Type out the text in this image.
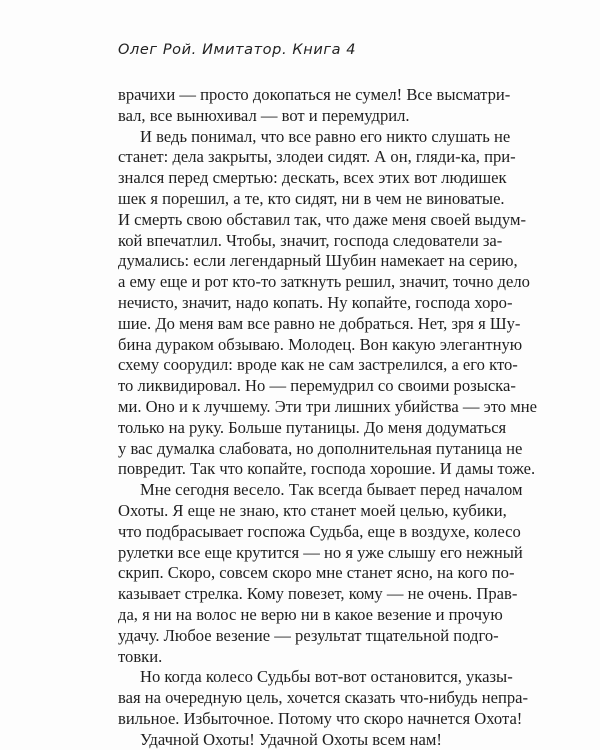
Олег Рой. Имитатор. Книга 4
врачихи — просто докопаться не сумел! Все высматри-
вал, все вынюхивал — вот и перемудрил.
И ведь понимал, что все равно его никто слушать не
станет: дела закрыты, злодеи сидят. А он, гляди-ка, при-
знался перед смертью: дескать, всех этих вот людишек
шек я порешил, а те, кто сидят, ни в чем не виноватые.
И смерть свою обставил так, что даже меня своей выдум-
кой впечатлил. Чтобы, значит, господа следователи за-
думались: если легендарный Шубин намекает на серию,
а ему еще и рот кто-то заткнуть решил, значит, точно дело
нечисто, значит, надо копать. Ну копайте, господа хоро-
шие. До меня вам все равно не добраться. Нет, зря я Шу-
бина дураком обзываю. Молодец. Вон какую элегантную
схему соорудил: вроде как не сам застрелился, а его кто-
то ликвидировал. Но — перемудрил со своими розыска-
ми. Оно и к лучшему. Эти три лишних убийства — это мне
только на руку. Больше путаницы. До меня додуматься
у вас думалка слабовата, но дополнительная путаница не
повредит. Так что копайте, господа хорошие. И дамы тоже.
Мне сегодня весело. Так всегда бывает перед началом
Охоты. Я еще не знаю, кто станет моей целью, кубики,
что подбрасывает госпожа Судьба, еще в воздухе, колесо
рулетки все еще крутится — но я уже слышу его нежный
скрип. Скоро, совсем скоро мне станет ясно, на кого по-
казывает стрелка. Кому повезет, кому — не очень. Прав-
да, я ни на волос не верю ни в какое везение и прочую
удачу. Любое везение — результат тщательной подго-
товки.
Но когда колесо Судьбы вот-вот остановится, указы-
вая на очередную цель, хочется сказать что-нибудь непра-
вильное. Избыточное. Потому что скоро начнется Охота!
Удачной Охоты! Удачной Охоты всем нам!
